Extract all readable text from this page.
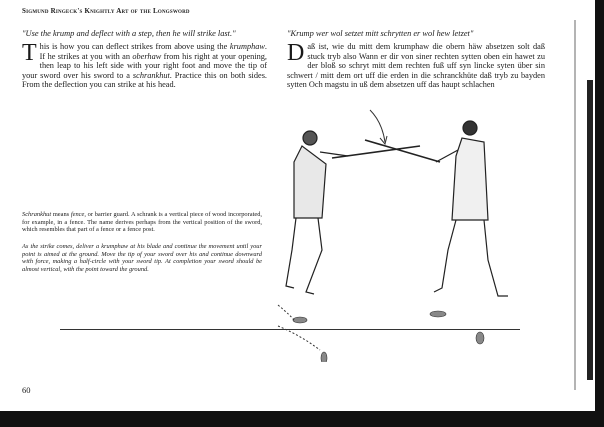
Sigmund Ringeck's Knightly Art of the Longsword

"Use the krump and deflect with a step, then he will strike last."

This is how you can deflect strikes from above using the krumphaw. If he strikes at you with an oberhaw from his right at your opening, then leap to his left side with your right foot and move the tip of your sword over his sword to a schrankhut. Practice this on both sides. From the deflection you can strike at his head.

"Krump wer wol setzet mitt schrytten er wol hew letzet"

Daß ist, wie du mitt dem krumphaw die obern häw absetzen solt daß stuck tryb also Wann er dir von siner rechten sytten oben ein hawet zu der bloß so schryt mitt dem rechten fuß uff syn lincke syten über sin schwert / mitt dem ort uff die erden in die schranckhüte daß tryb zu bayden sytten Och magstu in uß dem absetzen uff das haupt schlachen

Schrankhut means fence, or barrier guard. A schrank is a vertical piece of wood incorporated, for example, in a fence. The name derives perhaps from the vertical position of the sword, which resembles that part of a fence or a fence post.
As the strike comes, deliver a krumphaw at his blade and continue the movement until your point is aimed at the ground. Move the tip of your sword over his and continue downward with force, making a half-circle with your sword tip. At completion your sword should be almost vertical, with the point toward the ground.
60
